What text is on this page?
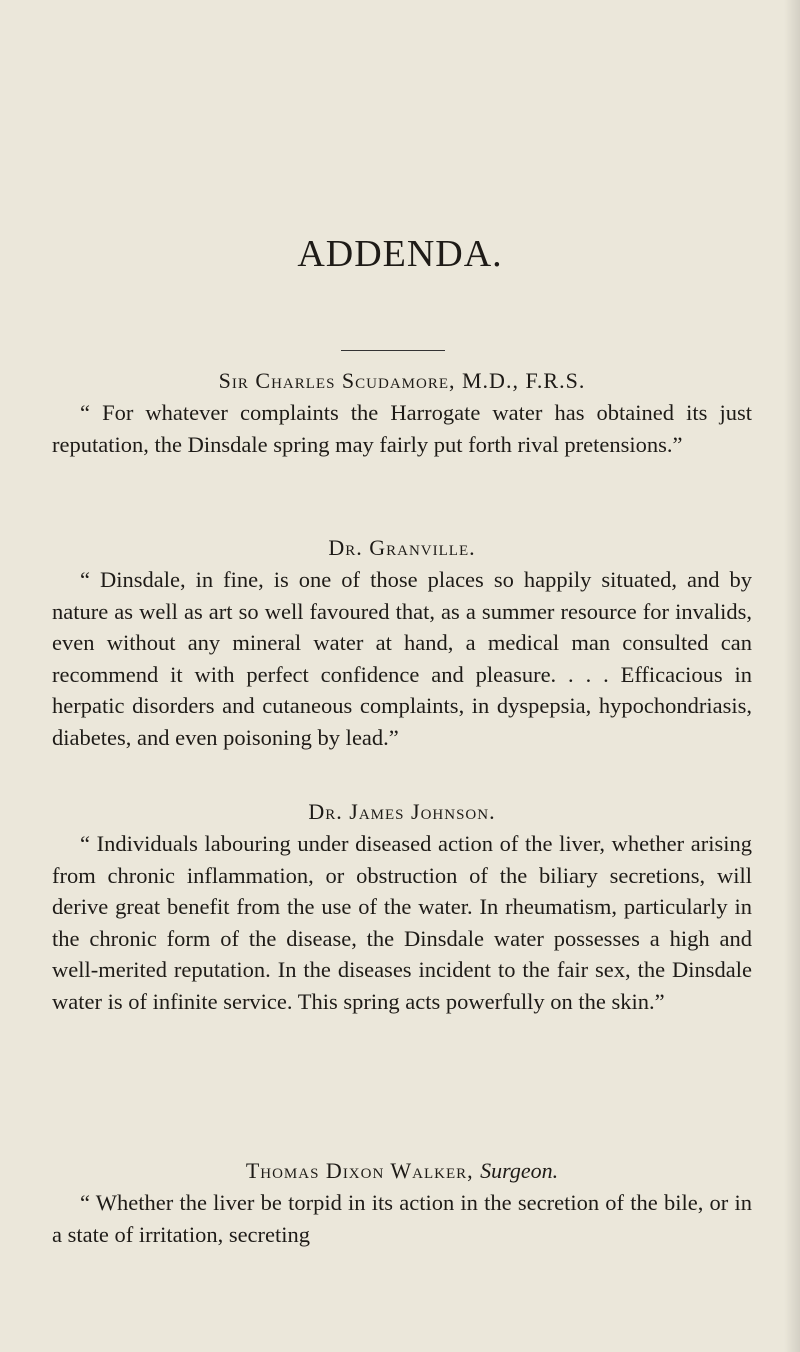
ADDENDA.

Sir Charles Scudamore, M.D., F.R.S.

“ For whatever complaints the Harrogate water has obtained its just reputation, the Dinsdale spring may fairly put forth rival pretensions.”

Dr. Granville.

“ Dinsdale, in fine, is one of those places so happily situated, and by nature as well as art so well favoured that, as a summer resource for invalids, even without any mineral water at hand, a medical man consulted can recommend it with perfect confidence and pleasure. . . . Efficacious in herpatic disorders and cutaneous complaints, in dyspepsia, hypochondriasis, diabetes, and even poisoning by lead.”

Dr. James Johnson.

“ Individuals labouring under diseased action of the liver, whether arising from chronic inflammation, or obstruction of the biliary secretions, will derive great benefit from the use of the water. In rheumatism, particularly in the chronic form of the disease, the Dinsdale water possesses a high and well-merited reputation. In the diseases incident to the fair sex, the Dinsdale water is of infinite service. This spring acts powerfully on the skin.”

Thomas Dixon Walker, Surgeon.

“ Whether the liver be torpid in its action in the secretion of the bile, or in a state of irritation, secreting
